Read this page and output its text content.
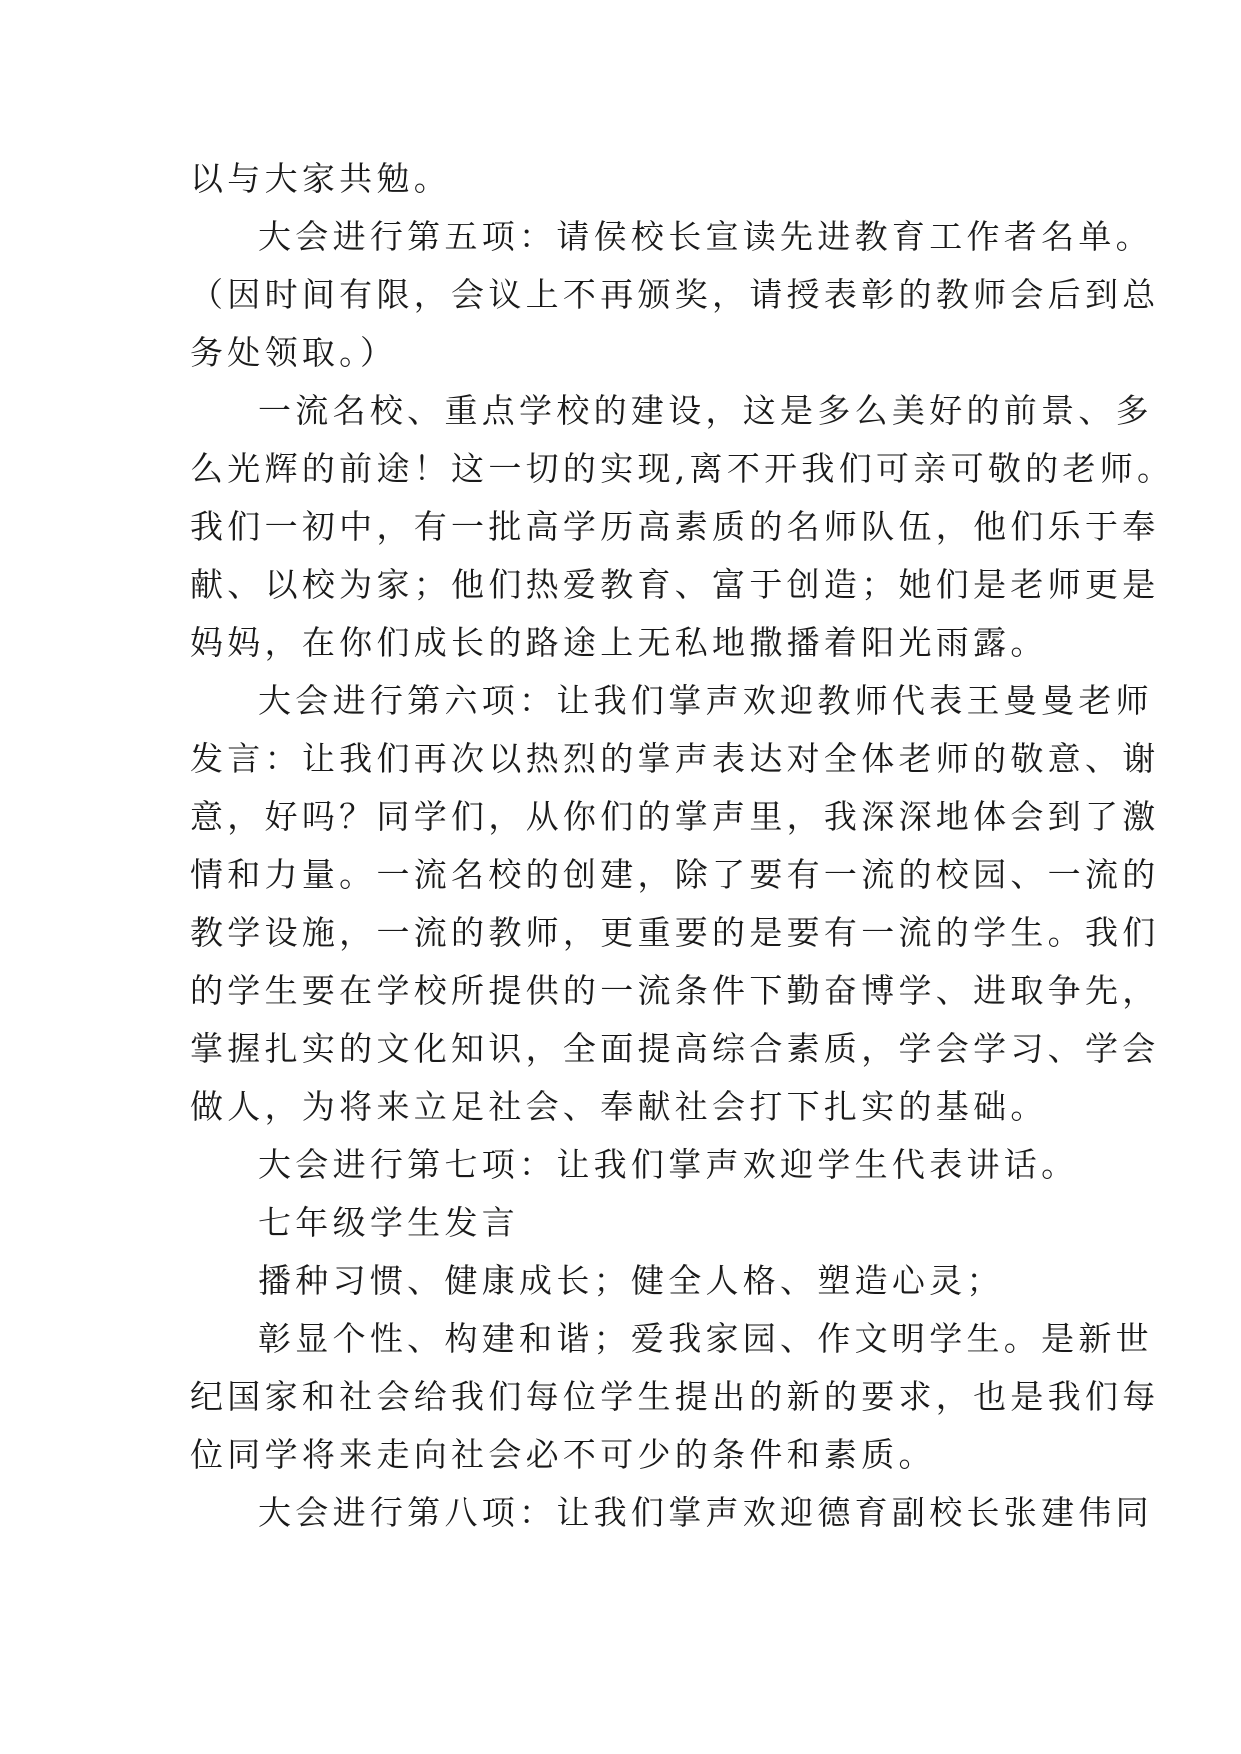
以与大家共勉。
大会进行第五项：请侯校长宣读先进教育工作者名单。
（因时间有限，会议上不再颁奖，请授表彰的教师会后到总
务处领取。）
一流名校、重点学校的建设，这是多么美好的前景、多
么光辉的前途！这一切的实现,离不开我们可亲可敬的老师。
我们一初中，有一批高学历高素质的名师队伍，他们乐于奉
献、以校为家；他们热爱教育、富于创造；她们是老师更是
妈妈，在你们成长的路途上无私地撒播着阳光雨露。
大会进行第六项：让我们掌声欢迎教师代表王曼曼老师
发言：让我们再次以热烈的掌声表达对全体老师的敬意、谢
意，好吗？同学们，从你们的掌声里，我深深地体会到了激
情和力量。一流名校的创建，除了要有一流的校园、一流的
教学设施，一流的教师，更重要的是要有一流的学生。我们
的学生要在学校所提供的一流条件下勤奋博学、进取争先，
掌握扎实的文化知识，全面提高综合素质，学会学习、学会
做人，为将来立足社会、奉献社会打下扎实的基础。
大会进行第七项：让我们掌声欢迎学生代表讲话。
七年级学生发言
播种习惯、健康成长；健全人格、塑造心灵；
彰显个性、构建和谐；爱我家园、作文明学生。是新世
纪国家和社会给我们每位学生提出的新的要求，也是我们每
位同学将来走向社会必不可少的条件和素质。
大会进行第八项：让我们掌声欢迎德育副校长张建伟同
